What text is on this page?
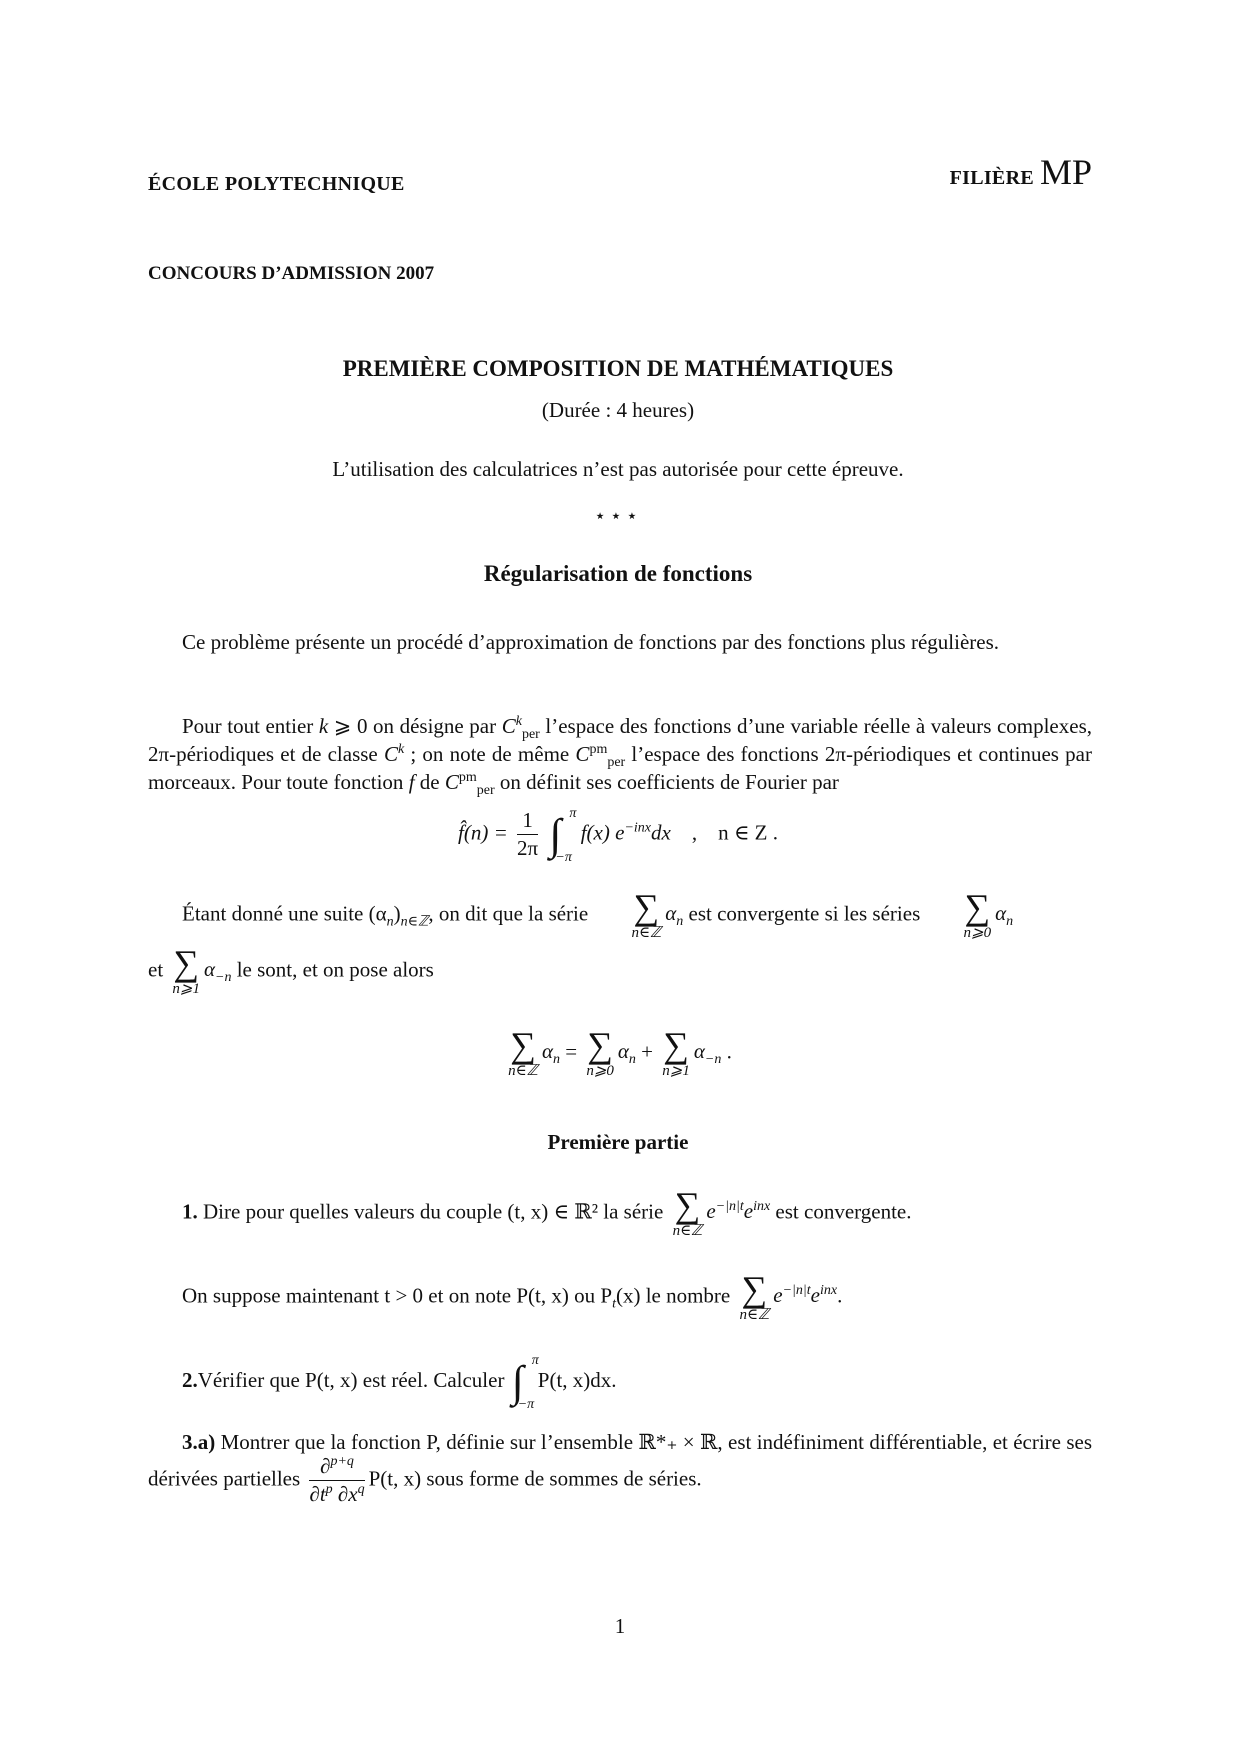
ÉCOLE POLYTECHNIQUE	FILIÈRE MP
CONCOURS D’ADMISSION 2007
PREMIÈRE COMPOSITION DE MATHÉMATIQUES
(Durée : 4 heures)
L’utilisation des calculatrices n’est pas autorisée pour cette épreuve.
⋆⋆⋆
Régularisation de fonctions
Ce problème présente un procédé d’approximation de fonctions par des fonctions plus régulières.
Pour tout entier k ⩾ 0 on désigne par $C^k_{per}$ l’espace des fonctions d’une variable réelle à valeurs complexes, 2π-périodiques et de classe $C^k$ ; on note de même $C^{pm}_{per}$ l’espace des fonctions 2π-périodiques et continues par morceaux. Pour toute fonction f de $C^{pm}_{per}$ on définit ses coefficients de Fourier par
f̂(n) = $\frac{1}{2\pi}$ ∫ π
−π
f(x) $e^{-inx}dx$    ,    n ∈ Z .
Étant donné une suite $(\alpha_n)_{n\in ℤ}$, on dit que la série	∑
n∈ℤ
$\alpha_n$ est convergente si les séries	∑
n⩾0
$\alpha_n$
et ∑
n⩾1
$\alpha_{-n}$ le sont, et on pose alors
∑
n∈ℤ
$\alpha_n$ = ∑
n⩾0
$\alpha_n$ + ∑
n⩾1
$\alpha_{-n}$ .
Première partie
1. Dire pour quelles valeurs du couple (t, x) ∈ ℝ² la série ∑
n∈ℤ
$e^{-|n|t}e^{inx}$ est convergente.
On suppose maintenant t > 0 et on note P(t, x) ou $P_t(x)$ le nombre ∑
n∈ℤ
$e^{-|n|t}e^{inx}$.
2.Vérifier que P(t, x) est réel. Calculer ∫ π
−π
P(t, x)dx.
3.a) Montrer que la fonction P, définie sur l’ensemble ℝ*₊ × ℝ, est indéfiniment différentiable, et écrire ses dérivées partielles $\frac{\partial^{p+q}}{\partial t^p \partial x^q} P(t$, x) sous forme de sommes de séries.
1
